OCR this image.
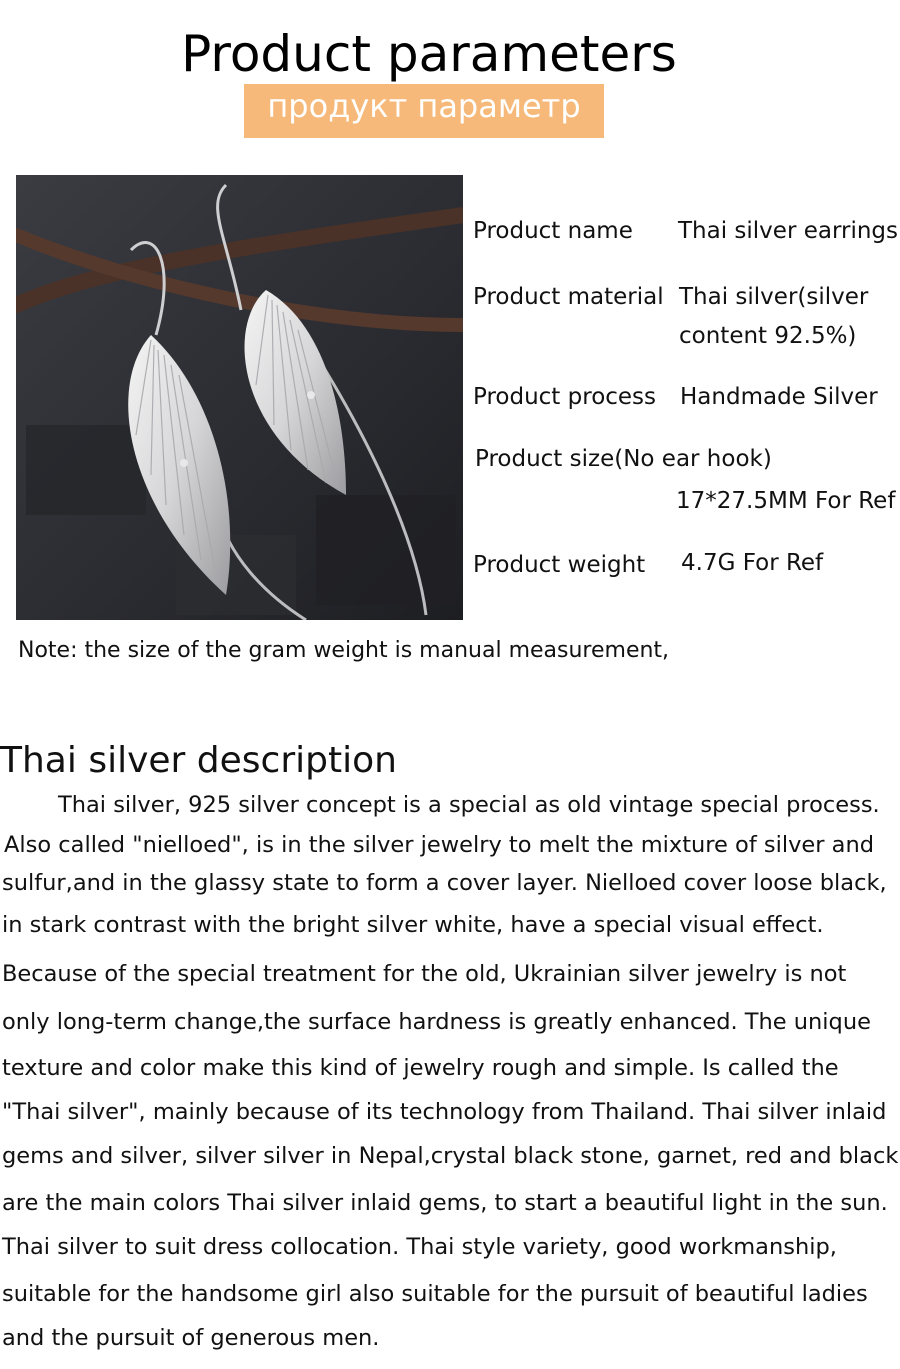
Product parameters
продукт параметр
Product name Thai silver earrings
Product material Thai silver(silver
content 92.5%)
Product process Handmade Silver
Product size(No ear hook)
17*27.5MM For Ref
Product weight 4.7G For Ref
Note: the size of the gram weight is manual measurement,
Thai silver description
Thai silver, 925 silver concept is a special as old vintage special process.
Also called "nielloed", is in the silver jewelry to melt the mixture of silver and
sulfur,and in the glassy state to form a cover layer. Nielloed cover loose black,
in stark contrast with the bright silver white, have a special visual effect.
Because of the special treatment for the old, Ukrainian silver jewelry is not
only long-term change,the surface hardness is greatly enhanced. The unique
texture and color make this kind of jewelry rough and simple. Is called the
"Thai silver", mainly because of its technology from Thailand. Thai silver inlaid
gems and silver, silver silver in Nepal,crystal black stone, garnet, red and black
are the main colors Thai silver inlaid gems, to start a beautiful light in the sun.
Thai silver to suit dress collocation. Thai style variety, good workmanship,
suitable for the handsome girl also suitable for the pursuit of beautiful ladies
and the pursuit of generous men.
